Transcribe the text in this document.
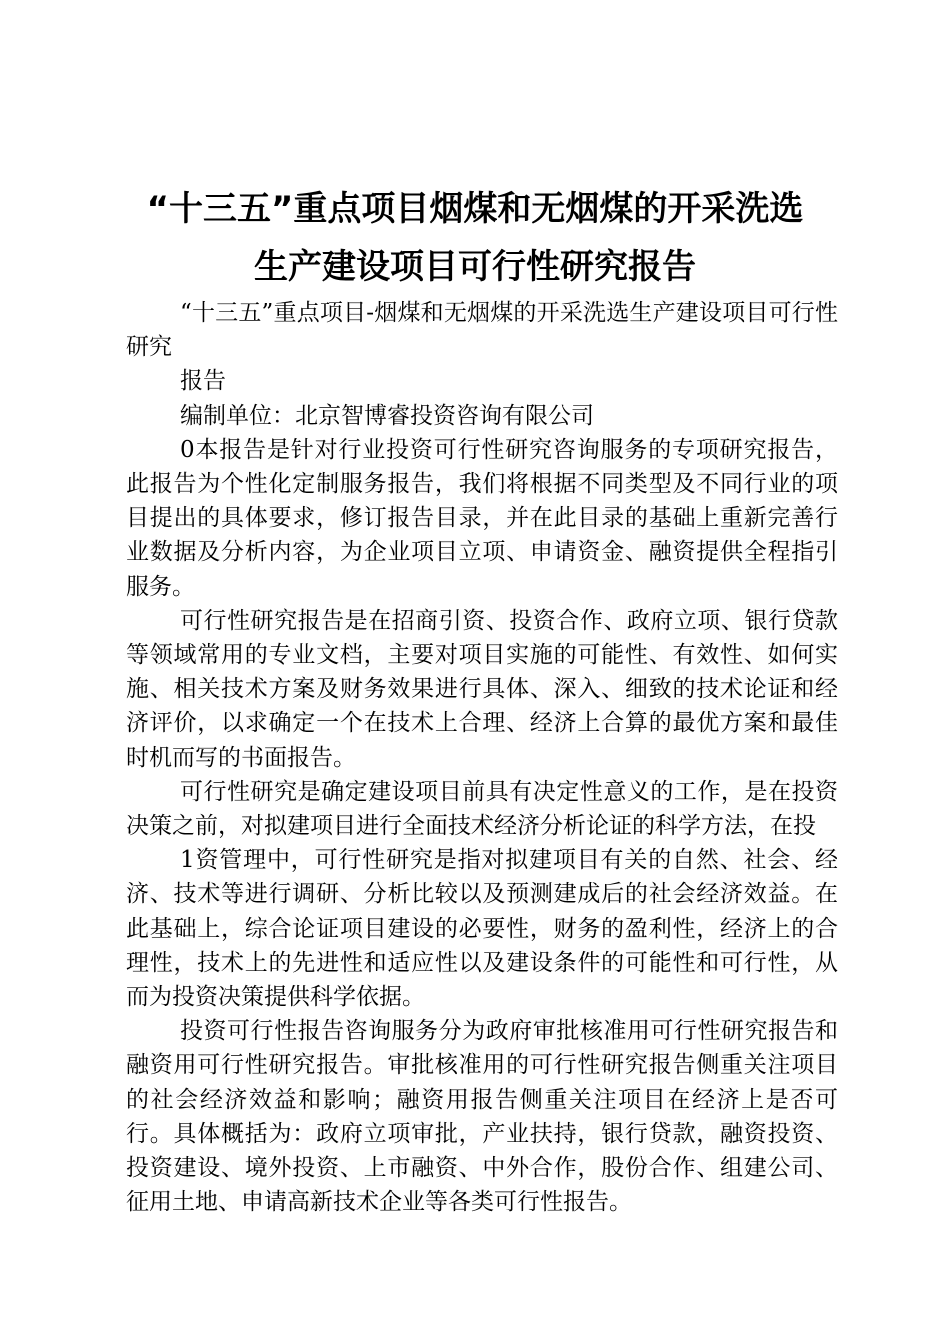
“十三五”重点项目烟煤和无烟煤的开采洗选
生产建设项目可行性研究报告

“十三五”重点项目-烟煤和无烟煤的开采洗选生产建设项目可行性研究

报告

编制单位：北京智博睿投资咨询有限公司

0本报告是针对行业投资可行性研究咨询服务的专项研究报告，此报告为个性化定制服务报告，我们将根据不同类型及不同行业的项目提出的具体要求，修订报告目录，并在此目录的基础上重新完善行业数据及分析内容，为企业项目立项、申请资金、融资提供全程指引服务。

可行性研究报告是在招商引资、投资合作、政府立项、银行贷款等领域常用的专业文档，主要对项目实施的可能性、有效性、如何实施、相关技术方案及财务效果进行具体、深入、细致的技术论证和经济评价，以求确定一个在技术上合理、经济上合算的最优方案和最佳时机而写的书面报告。

可行性研究是确定建设项目前具有决定性意义的工作，是在投资决策之前，对拟建项目进行全面技术经济分析论证的科学方法，在投

1资管理中，可行性研究是指对拟建项目有关的自然、社会、经济、技术等进行调研、分析比较以及预测建成后的社会经济效益。在此基础上，综合论证项目建设的必要性，财务的盈利性，经济上的合理性，技术上的先进性和适应性以及建设条件的可能性和可行性，从而为投资决策提供科学依据。

投资可行性报告咨询服务分为政府审批核准用可行性研究报告和融资用可行性研究报告。审批核准用的可行性研究报告侧重关注项目的社会经济效益和影响；融资用报告侧重关注项目在经济上是否可行。具体概括为：政府立项审批，产业扶持，银行贷款，融资投资、投资建设、境外投资、上市融资、中外合作，股份合作、组建公司、征用土地、申请高新技术企业等各类可行性报告。
